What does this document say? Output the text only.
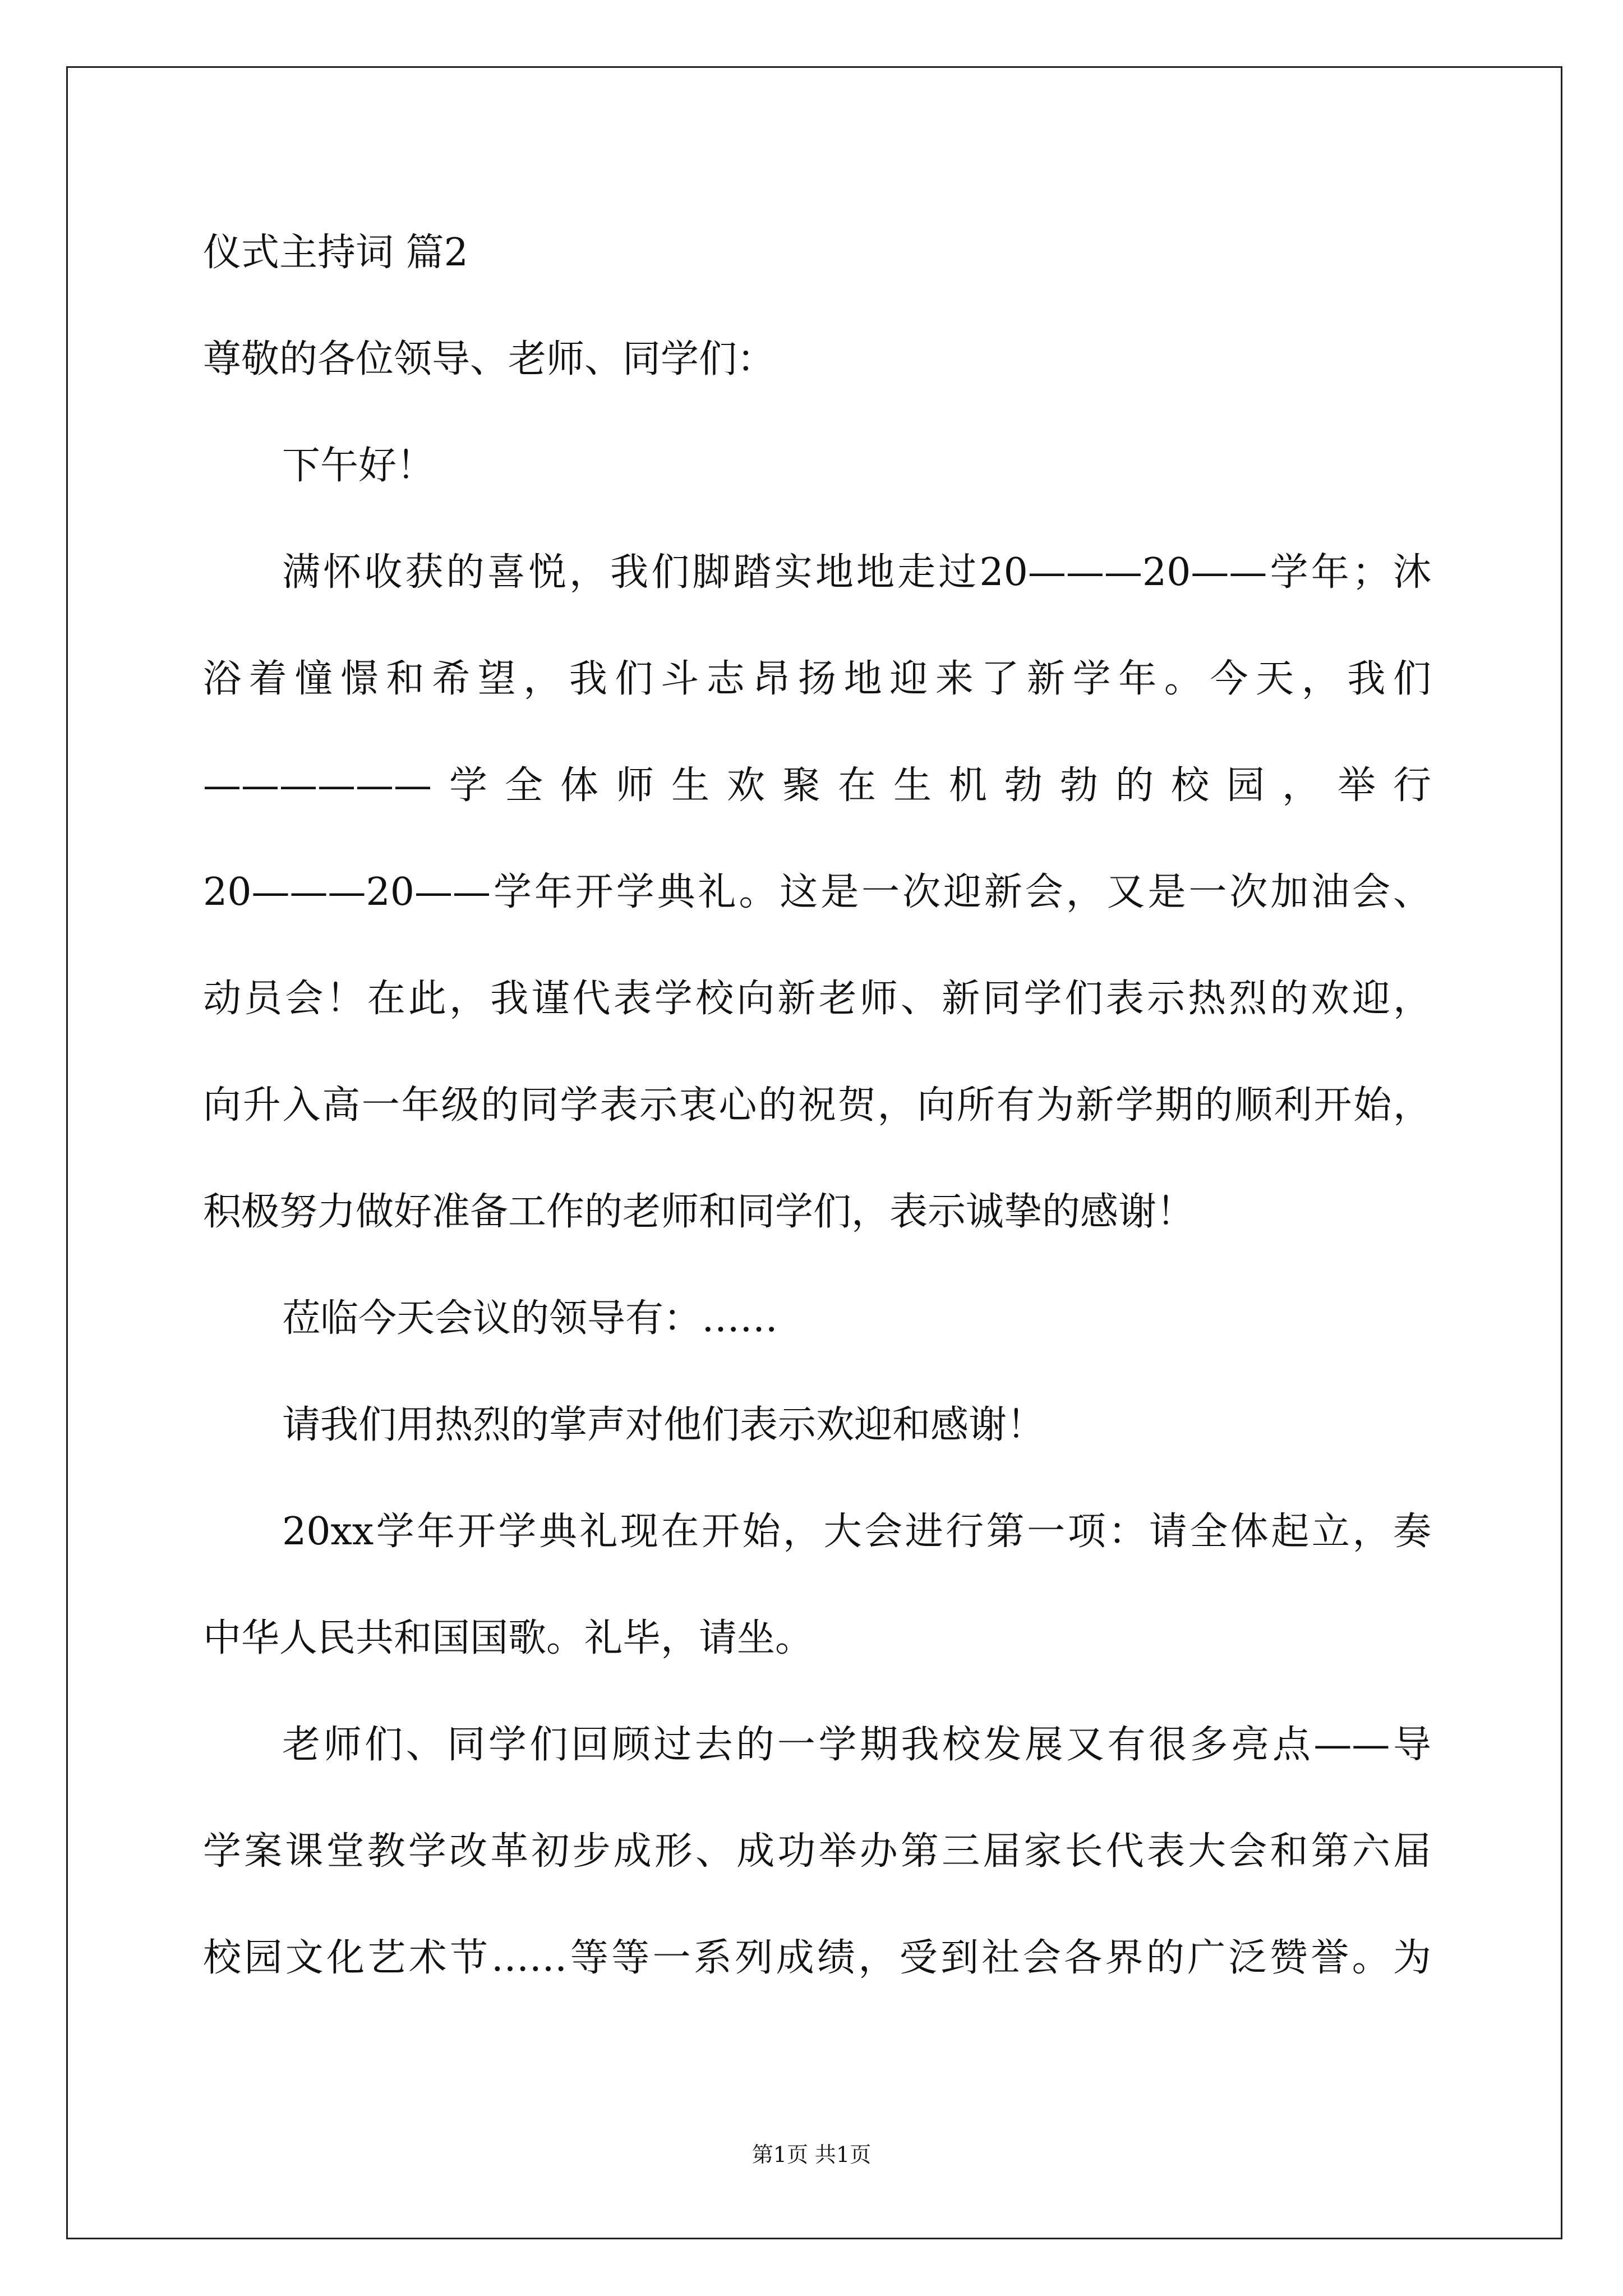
仪式主持词 篇2
尊敬的各位领导、老师、同学们：
下午好！
满怀收获的喜悦，我们脚踏实地地走过20———20——学年；沐
浴着憧憬和希望，我们斗志昂扬地迎来了新学年。今天，我们
——————学全体师生欢聚在生机勃勃的校园，举行
20———20——学年开学典礼。这是一次迎新会，又是一次加油会、
动员会！在此，我谨代表学校向新老师、新同学们表示热烈的欢迎，
向升入高一年级的同学表示衷心的祝贺，向所有为新学期的顺利开始，
积极努力做好准备工作的老师和同学们，表示诚挚的感谢！
莅临今天会议的领导有：……
请我们用热烈的掌声对他们表示欢迎和感谢！
20xx学年开学典礼现在开始，大会进行第一项：请全体起立，奏
中华人民共和国国歌。礼毕，请坐。
老师们、同学们回顾过去的一学期我校发展又有很多亮点——导
学案课堂教学改革初步成形、成功举办第三届家长代表大会和第六届
校园文化艺术节……等等一系列成绩，受到社会各界的广泛赞誉。为
第1页 共1页
